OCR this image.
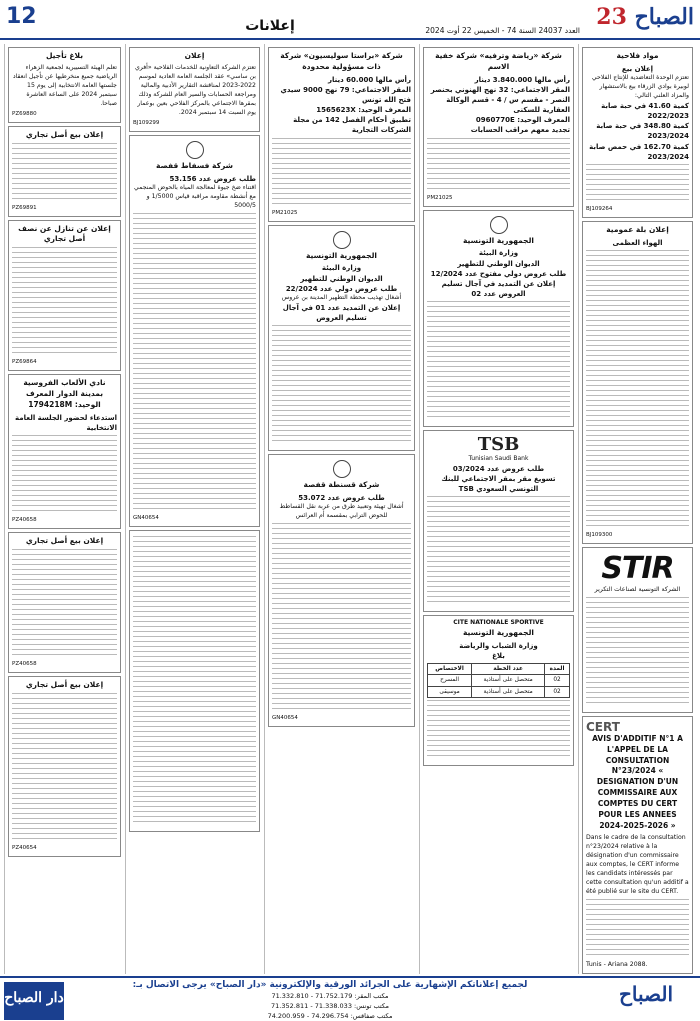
12	إعلانات	العدد 24037 السنة 74 - الخميس 22 أوت 2024
23 الصباح
بلاغ تأجيل

تعلم الهيئة التسييرية لجمعية الزهراء الرياضية جميع منخرطيها عن تأجيل انعقاد جلستها العامة الانتخابية إلى يوم 15 سبتمبر 2024 على الساعة العاشرة صباحا.

PZ69880
إعلان بيع أصل تجاري
PZ69891
إعلان عن تنازل عن نصف أصل تجاري
PZ69864
نادي الألعاب الفروسية بمدينة الدوار المعرف الوحيد: 1794218M

استدعاء لحضور الجلسة العامة الانتخابية

PZ40658
إعلان بيع أصل تجاري
PZ40658
إعلان بيع أصل تجاري
PZ40654
إعلان

تعتزم الشركة التعاونية للخدمات الفلاحية «أفري بن ساسي» عقد الجلسة العامة العادية لموسم 2022-2023 لمناقشة التقارير الأدبية والمالية ومراجعة الحسابات والسير العام للشركة وذلك بمقرها الاجتماعي بالمركز الفلاحي بعين بوعمار يوم السبت 14 سبتمبر 2024.

BJ109299
شركة فسفاط قفصة

طلب عروض عدد 53.156

اقتناء ضخ جيوة لمعالجة المياه بالحوض المنجمي مع أنشطة مقاومة مراقبة قياس 1/5000 و 5000/5

GN40654
شركة «براستا سوليسيون» شركة ذات مسؤولية محدودة

رأس مالها 60.000 دينار

المقر الاجتماعي: 79 نهج 9000 سيدي فتح الله تونس

المعرف الوحيد: 1565623X

تطبيق أحكام الفصل 142 من مجلة الشركات التجارية

PM21025
الجمهورية التونسية

وزارة البيئة

الديوان الوطني للتطهير

طلب عروض دولي عدد 22/2024

أشغال تهذيب محطة التطهير المدينة بن عروس

إعلان عن التمديد عدد 01 في آجال تسليم العروض

شركة قسنطة قفصة

طلب عروض عدد 53.072

أشغال تهيئة وتعبيد طرق من عربة نقل القساطط للحوض الترابي بمقسمة أم العرائس

GN40654
شركة «رياضة وترفيه» شركة خفية الاسم

رأس مالها 3.840.000 دينار

المقر الاجتماعي: 32 نهج الهنوني بحنصر النصر - مقسم س / 4 - قسم الوكالة العقارية للسكنى

المعرف الوحيد: 0960770E

تجديد معهم مراقب الحسابات

PM21025
الجمهورية التونسية

وزارة البيئة

الديوان الوطني للتطهير

طلب عروض دولي مفتوح عدد 12/2024

إعلان عن التمديد في آجال تسليم العروض عدد 02

TSB

Tunisian Saudi Bank

طلب عروض عدد 03/2024

تسويغ مقر بمقر الاجتماعي للبنك التونسي السعودي TSB

CITE NATIONALE SPORTIVE

الجمهورية التونسية

وزارة الشباب والرياضة

بلاغ

المدة	عدد الخطة	الاختصاص
02	متحصل على أستاذية	المسرح
02	متحصل على أستاذية	موسيقى
مواد فلاحية

إعلان بيع

تعتزم الوحدة التعاضدية للإنتاج الفلاحي لوبيرة بوادي الزرقاء بيع بالاستشهار والمزاد العلني التالي:

كمية 41.60 في حبة صابة 2022/2023

كمية 348.80 في حبة صابة 2023/2024

كمية 162.70 في حمص صابة 2023/2024

BJ109264
إعلان بلة عمومية

الهواء العظمى

BJ109300
STIR

الشركة التونسية لصناعات التكرير

CERT
AVIS D'ADDITIF N°1 A L'APPEL DE LA CONSULTATION N°23/2024 « DESIGNATION D'UN COMMISSAIRE AUX COMPTES DU CERT POUR LES ANNEES 2024-2025-2026 »

Dans le cadre de la consultation n°23/2024 relative à la désignation d'un commissaire aux comptes, le CERT informe les candidats intéressés par cette consultation qu'un additif a été publié sur le site du CERT.

Tunis - Ariana 2088.

دار الصباح
لجميع إعلاناتكم الإشهارية على الجرائد الورقية والإلكترونية «دار الصباح» يرجى الاتصال بـ:
مكتب المقر: 71.752.179 - 71.332.810
مكتب تونس: 71.338.033 - 71.352.811
مكتب صفاقس: 74.296.754 - 74.200.959
الصباح
